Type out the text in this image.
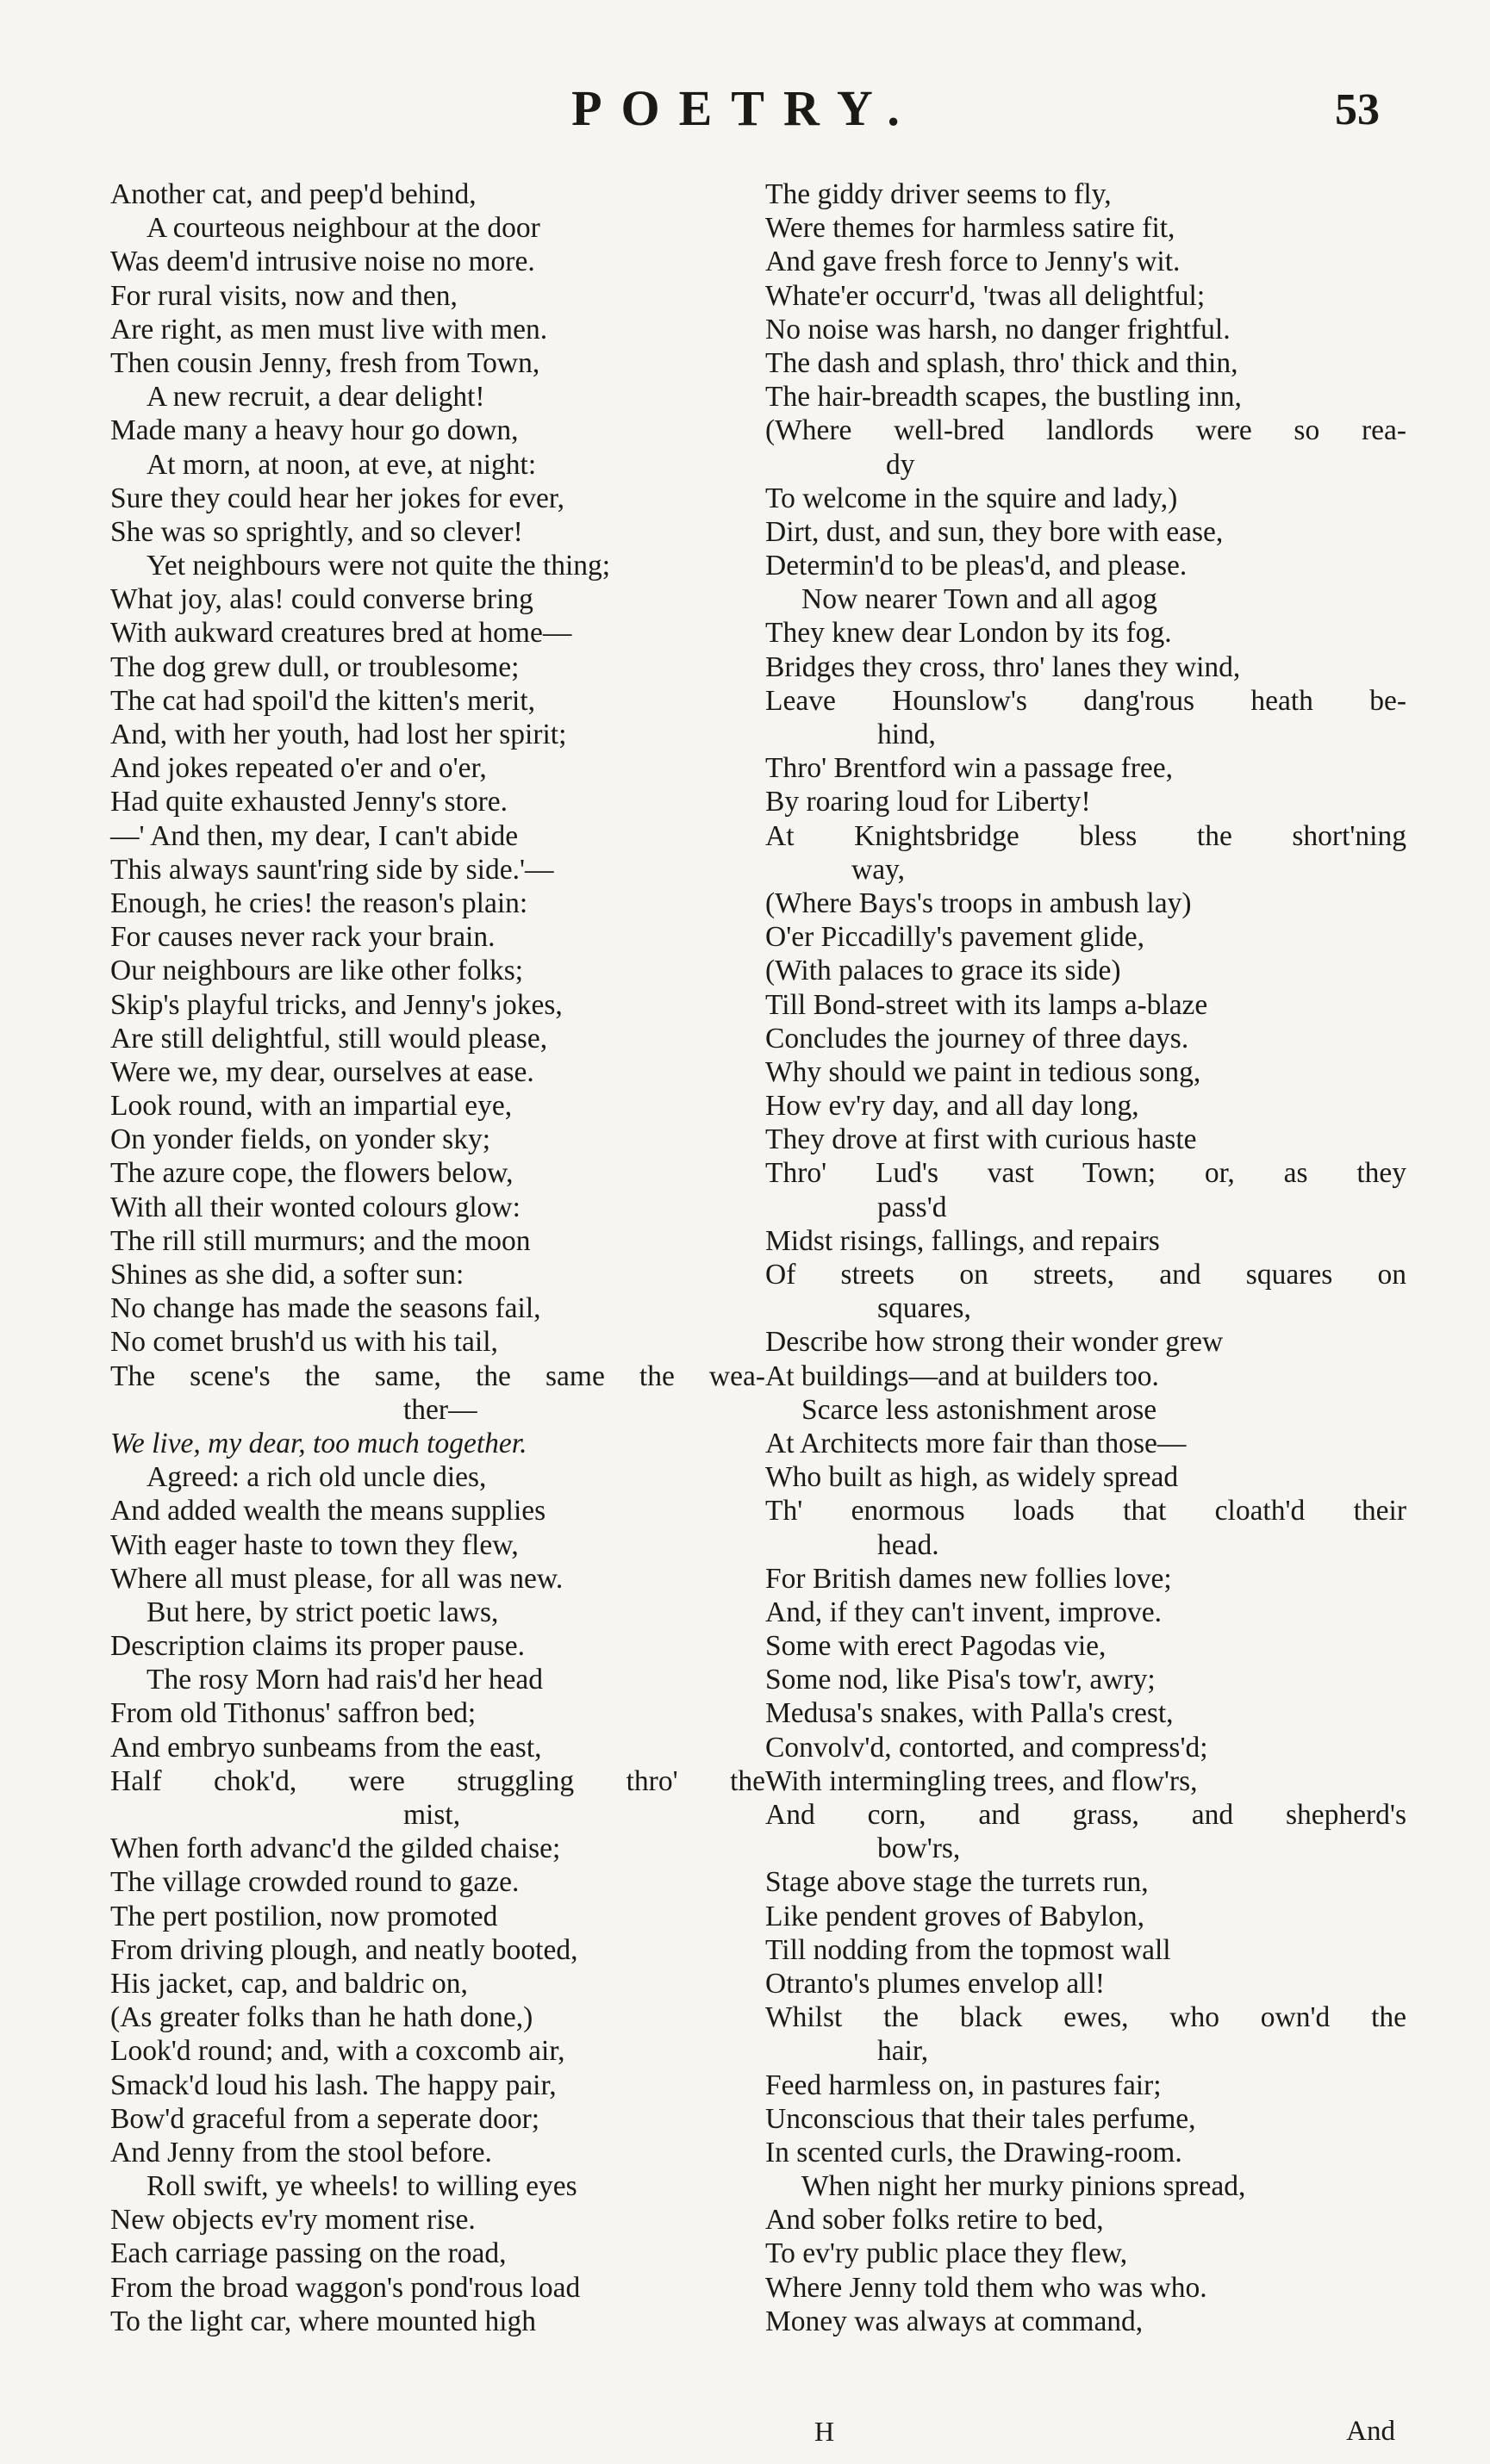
POETRY.	53
Another cat, and peep'd behind,
A courteous neighbour at the door
Was deem'd intrusive noise no more.
For rural visits, now and then,
Are right, as men must live with men.
Then cousin Jenny, fresh from Town,
A new recruit, a dear delight!
Made many a heavy hour go down,
At morn, at noon, at eve, at night:
Sure they could hear her jokes for ever,
She was so sprightly, and so clever!
Yet neighbours were not quite the thing;
What joy, alas! could converse bring
With aukward creatures bred at home—
The dog grew dull, or troublesome;
The cat had spoil'd the kitten's merit,
And, with her youth, had lost her spirit;
And jokes repeated o'er and o'er,
Had quite exhausted Jenny's store.
—' And then, my dear, I can't abide
This always saunt'ring side by side.'—
Enough, he cries! the reason's plain:
For causes never rack your brain.
Our neighbours are like other folks;
Skip's playful tricks, and Jenny's jokes,
Are still delightful, still would please,
Were we, my dear, ourselves at ease.
Look round, with an impartial eye,
On yonder fields, on yonder sky;
The azure cope, the flowers below,
With all their wonted colours glow:
The rill still murmurs; and the moon
Shines as she did, a softer sun:
No change has made the seasons fail,
No comet brush'd us with his tail,
The scene's the same, the same the wea-
ther—
We live, my dear, too much together.
Agreed: a rich old uncle dies,
And added wealth the means supplies
With eager haste to town they flew,
Where all must please, for all was new.
But here, by strict poetic laws,
Description claims its proper pause.
The rosy Morn had rais'd her head
From old Tithonus' saffron bed;
And embryo sunbeams from the east,
Half chok'd, were struggling thro' the
mist,
When forth advanc'd the gilded chaise;
The village crowded round to gaze.
The pert postilion, now promoted
From driving plough, and neatly booted,
His jacket, cap, and baldric on,
(As greater folks than he hath done,)
Look'd round; and, with a coxcomb air,
Smack'd loud his lash. The happy pair,
Bow'd graceful from a seperate door;
And Jenny from the stool before.
Roll swift, ye wheels! to willing eyes
New objects ev'ry moment rise.
Each carriage passing on the road,
From the broad waggon's pond'rous load
To the light car, where mounted high
The giddy driver seems to fly,
Were themes for harmless satire fit,
And gave fresh force to Jenny's wit.
Whate'er occurr'd, 'twas all delightful;
No noise was harsh, no danger frightful.
The dash and splash, thro' thick and thin,
The hair-breadth scapes, the bustling inn,
(Where well-bred landlords were so rea-
dy
To welcome in the squire and lady,)
Dirt, dust, and sun, they bore with ease,
Determin'd to be pleas'd, and please.
Now nearer Town and all agog
They knew dear London by its fog.
Bridges they cross, thro' lanes they wind,
Leave Hounslow's dang'rous heath be-
hind,
Thro' Brentford win a passage free,
By roaring loud for Liberty!
At Knightsbridge bless the short'ning
way,
(Where Bays's troops in ambush lay)
O'er Piccadilly's pavement glide,
(With palaces to grace its side)
Till Bond-street with its lamps a-blaze
Concludes the journey of three days.
Why should we paint in tedious song,
How ev'ry day, and all day long,
They drove at first with curious haste
Thro' Lud's vast Town; or, as they
pass'd
Midst risings, fallings, and repairs
Of streets on streets, and squares on
squares,
Describe how strong their wonder grew
At buildings—and at builders too.
Scarce less astonishment arose
At Architects more fair than those—
Who built as high, as widely spread
Th' enormous loads that cloath'd their
head.
For British dames new follies love;
And, if they can't invent, improve.
Some with erect Pagodas vie,
Some nod, like Pisa's tow'r, awry;
Medusa's snakes, with Palla's crest,
Convolv'd, contorted, and compress'd;
With intermingling trees, and flow'rs,
And corn, and grass, and shepherd's
bow'rs,
Stage above stage the turrets run,
Like pendent groves of Babylon,
Till nodding from the topmost wall
Otranto's plumes envelop all!
Whilst the black ewes, who own'd the
hair,
Feed harmless on, in pastures fair;
Unconscious that their tales perfume,
In scented curls, the Drawing-room.
When night her murky pinions spread,
And sober folks retire to bed,
To ev'ry public place they flew,
Where Jenny told them who was who.
Money was always at command,
H	And
